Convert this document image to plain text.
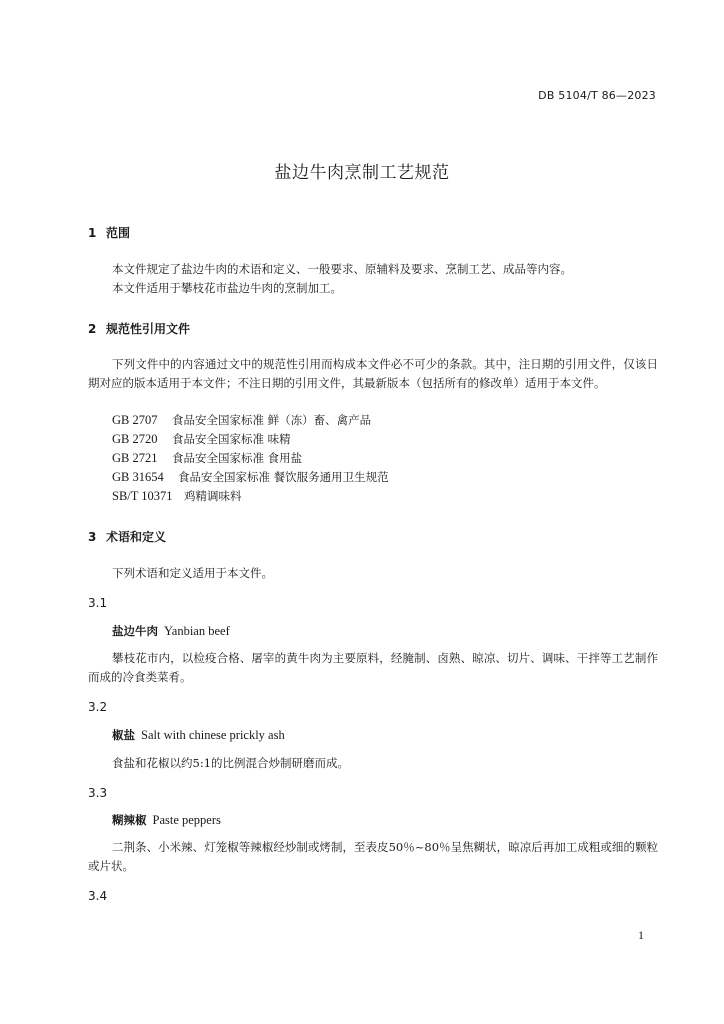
DB 5104/T 86—2023
盐边牛肉烹制工艺规范
1 范围
本文件规定了盐边牛肉的术语和定义、一般要求、原辅料及要求、烹制工艺、成品等内容。
本文件适用于攀枝花市盐边牛肉的烹制加工。
2 规范性引用文件
下列文件中的内容通过文中的规范性引用而构成本文件必不可少的条款。其中，注日期的引用文件，仅该日期对应的版本适用于本文件；不注日期的引用文件，其最新版本（包括所有的修改单）适用于本文件。
GB 2707 食品安全国家标准 鲜（冻）畜、禽产品
GB 2720 食品安全国家标准 味精
GB 2721 食品安全国家标准 食用盐
GB 31654 食品安全国家标准 餐饮服务通用卫生规范
SB/T 10371 鸡精调味料
3 术语和定义
下列术语和定义适用于本文件。
3.1
盐边牛肉 Yanbian beef
攀枝花市内，以检疫合格、屠宰的黄牛肉为主要原料，经腌制、卤熟、晾凉、切片、调味、干拌等工艺制作而成的冷食类菜肴。
3.2
椒盐 Salt with chinese prickly ash
食盐和花椒以约5:1的比例混合炒制研磨而成。
3.3
糊辣椒 Paste peppers
二荆条、小米辣、灯笼椒等辣椒经炒制或烤制，至表皮50％~80％呈焦糊状，晾凉后再加工成粗或细的颗粒或片状。
3.4
1
